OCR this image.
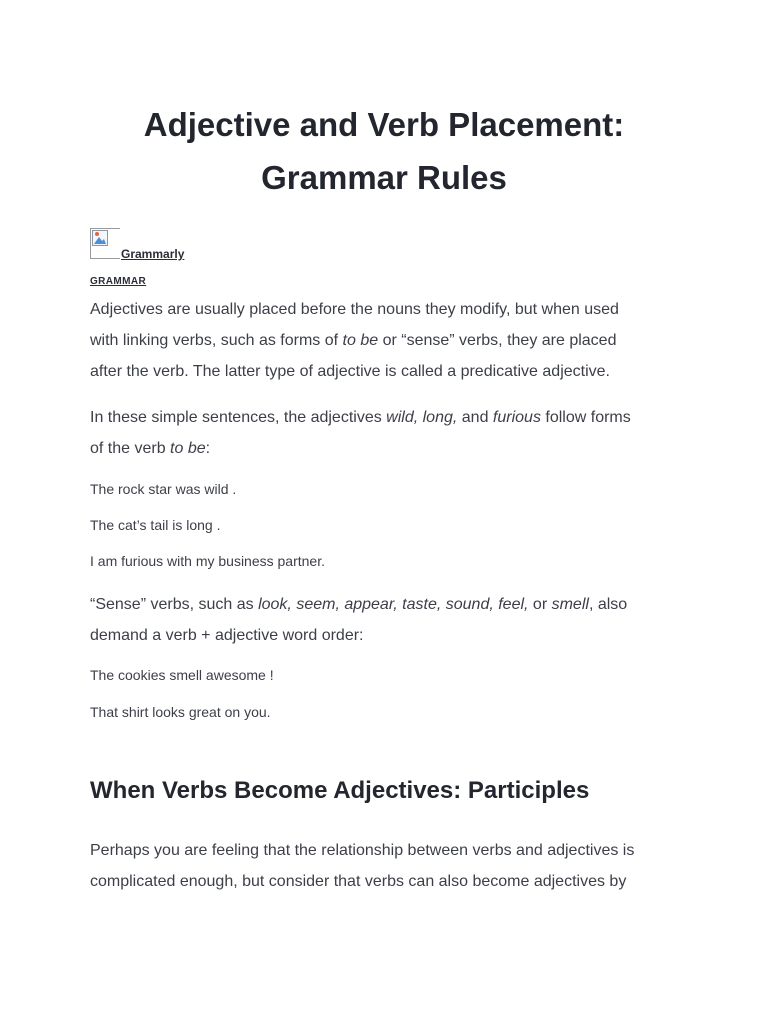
Adjective and Verb Placement:
Grammar Rules
Grammarly
GRAMMAR

Adjectives are usually placed before the nouns they modify, but when used
with linking verbs, such as forms of to be or “sense” verbs, they are placed
after the verb. The latter type of adjective is called a predicative adjective.

In these simple sentences, the adjectives wild, long, and furious follow forms
of the verb to be:

The rock star was wild .

The cat’s tail is long .

I am furious with my business partner.

“Sense” verbs, such as look, seem, appear, taste, sound, feel, or smell, also
demand a verb + adjective word order:

The cookies smell awesome !

That shirt looks great on you.

When Verbs Become Adjectives: Participles

Perhaps you are feeling that the relationship between verbs and adjectives is
complicated enough, but consider that verbs can also become adjectives by
